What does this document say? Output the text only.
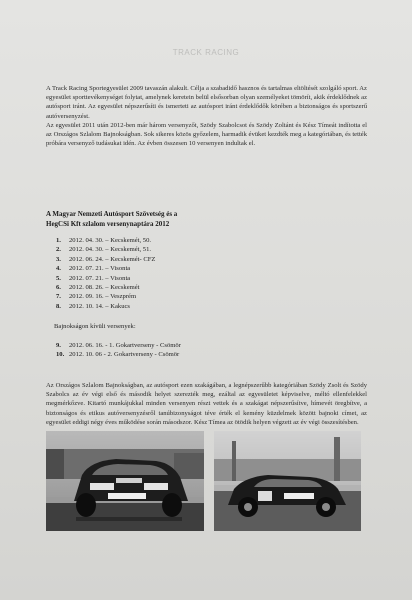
TRACK RACING

A Track Racing Sportegyesület 2009 tavaszán alakult. Célja a szabadidő hasznos és tartalmas eltöltését szolgáló sport. Az egyesület sporttevékenységet folytat, amelynek keretein belül elsősorban olyan személyeket tömörít, akik érdeklődnek az autósport iránt. Az egyesület népszerűsíti és ismerteti az autósport iránt érdeklődők körében a biztonságos és sportszerű autóversenyzést.

Az egyesület 2011 után 2012-ben már három versenyzőt, Szödy Szabolcsot és Szödy Zoltánt és Kész Tímeát indította el az Országos Szlalom Bajnokságban. Sok sikeres közös győzelem, harmadik évüket kezdték meg a kategóriában, és tették próbára versenyző tudásukat idén. Az évben összesen 10 versenyen indultak el.

A Magyar Nemzeti Autósport Szövetség és a
HegCSi Kft szlalom versenynaptára 2012
1.	2012. 04. 30. – Kecskemét, 50.
2.	2012. 04. 30. – Kecskemét, 51.
3.	2012. 06. 24. – Kecskemét- CFZ
4.	2012. 07. 21. – Visonta
5.	2012. 07. 21. – Visonta
6.	2012. 08. 26. – Kecskemét
7.	2012. 09. 16. – Veszprém
8.	2012. 10. 14. – Kakucs
Bajnokságon kívüli versenyek:
9.	2012. 06. 16. - 1. Gokartverseny - Csömör
10. 2012. 10. 06 - 2. Gokartverseny - Csömör
Az Országos Szlalom Bajnokságban, az autósport ezen szakágában, a legnépszerűbb kategóriában Szödy Zsolt és Szödy Szabolcs az év végi első és második helyet szerezték meg, ezáltal az egyesületet képviselve, méltó ellenfelekkel megmérkőzve. Kitartó munkájukkal minden versenyen részt vettek és a szakágat népszerűsítve, hímevét öregbítve, a biztonságos és etikus autóversenyzésről tanúbizonyságot téve érték el kemény küzdelmek között bajnoki címet, az egyesület eddigi négy éves működése során másodszor. Kész Tímea az ötödik helyen végzett az év végi összesítésben.
